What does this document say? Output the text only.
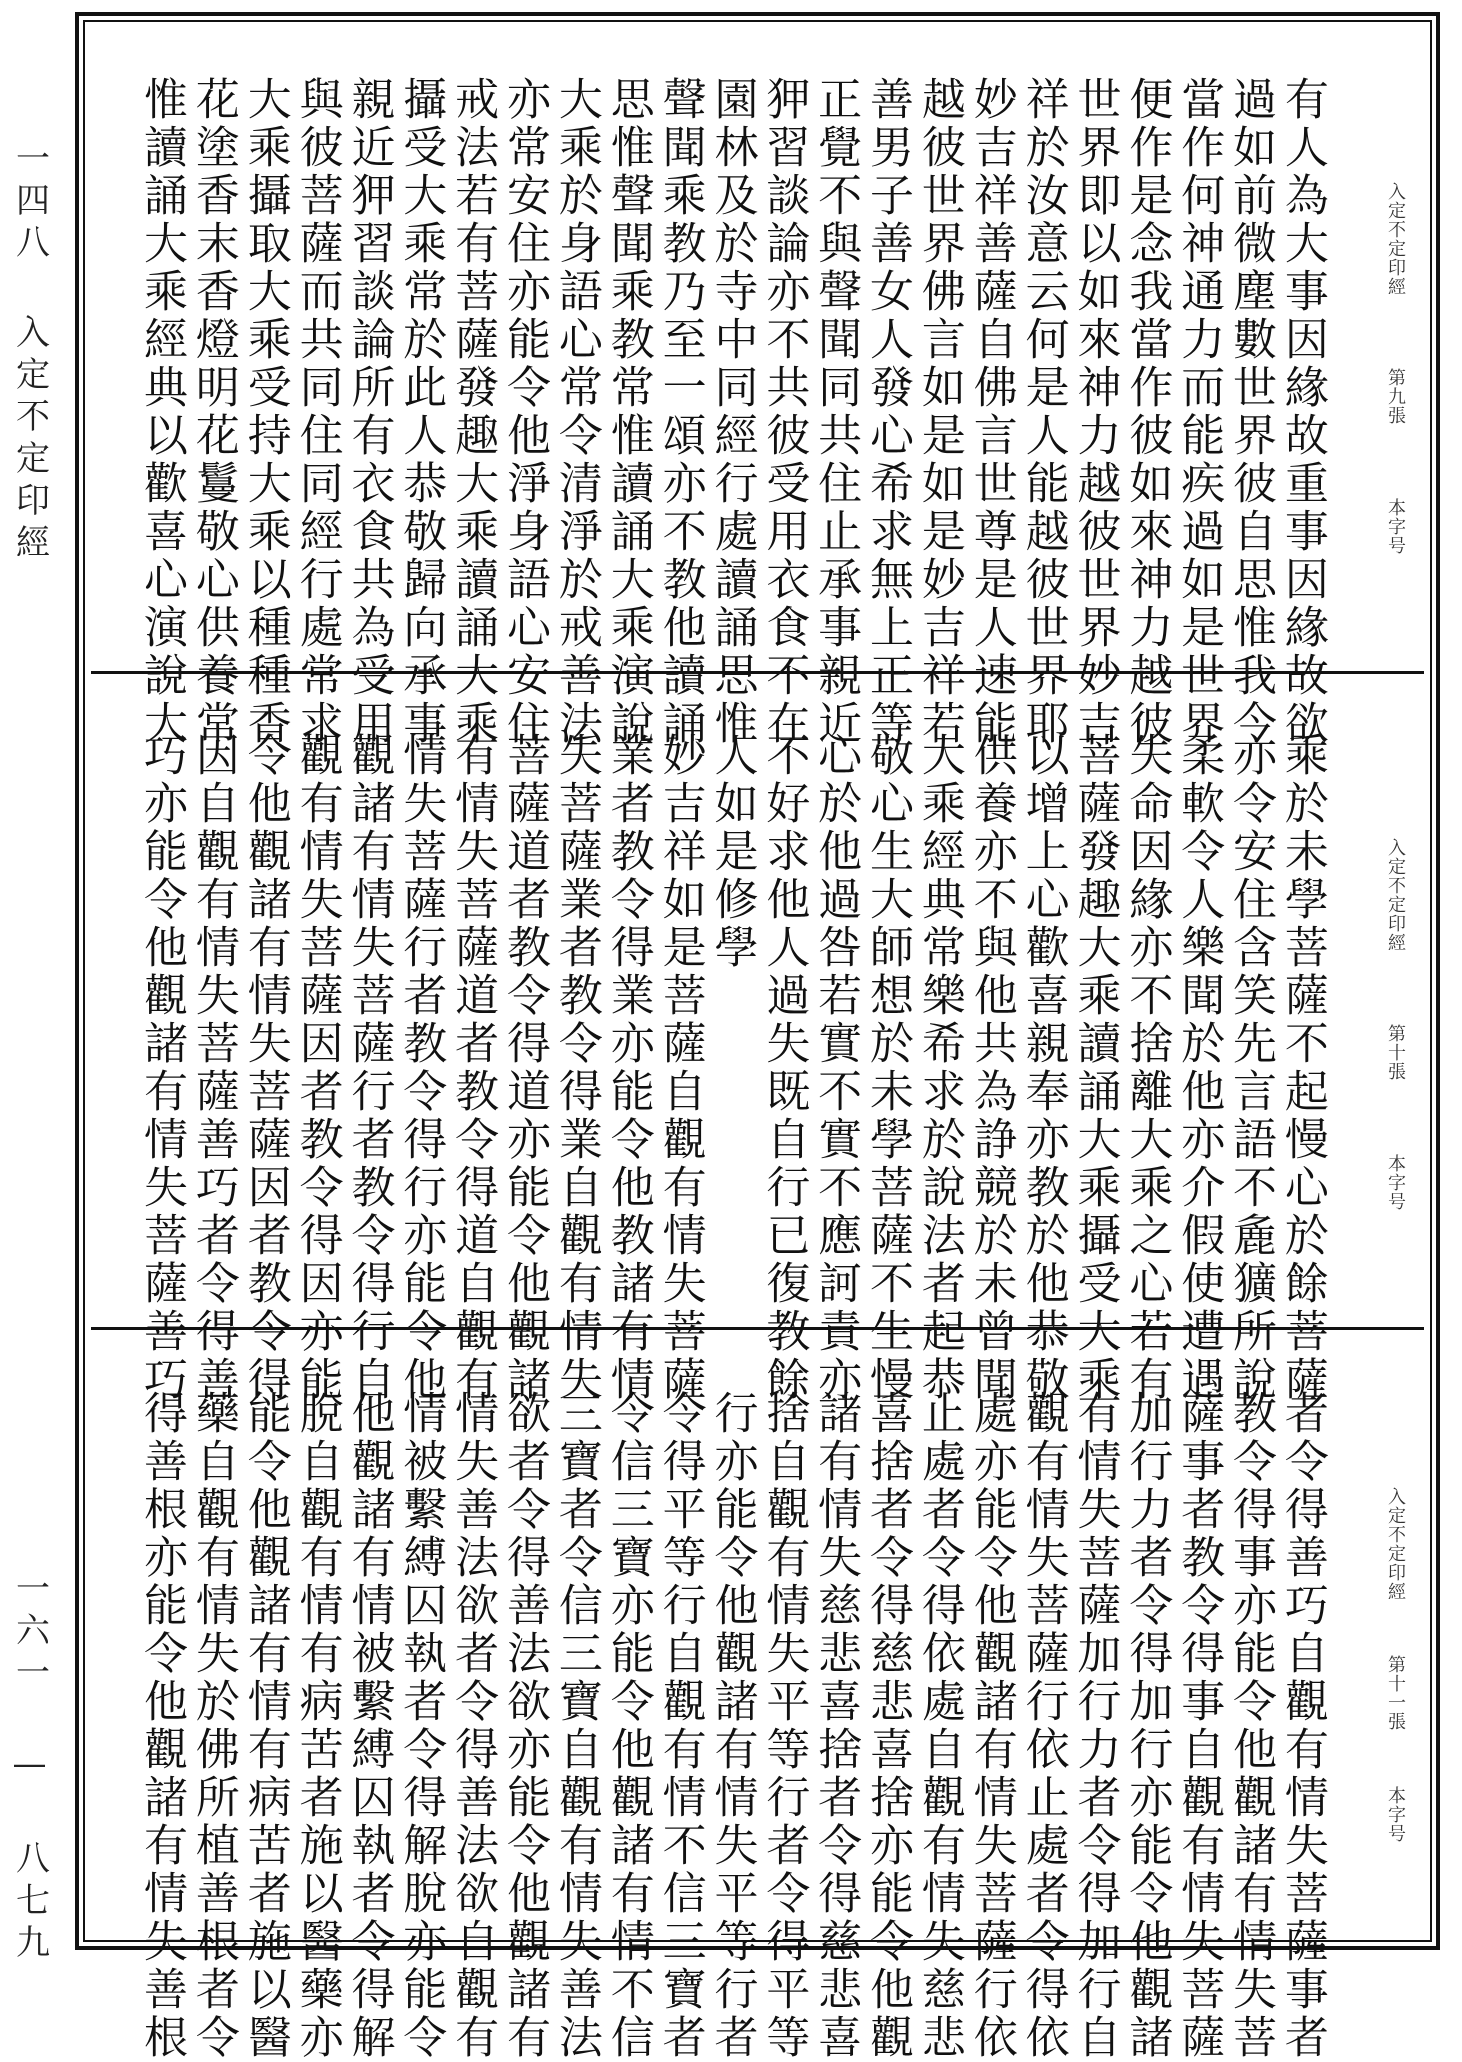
一四八 入定不定印經
一六一 — 八七九
有人為大事因緣故重事因緣故欲
過如前微塵數世界彼自思惟我今
當作何神通力而能疾過如是世界
便作是念我當作彼如來神力越彼
世界即以如來神力越彼世界妙吉
祥於汝意云何是人能越彼世界耶
妙吉祥善薩自佛言世尊是人速能
越彼世界佛言如是如是妙吉祥若
善男子善女人發心希求無上正等
正覺不與聲聞同共住止承事親近
狎習談論亦不共彼受用衣食不在
園林及於寺中同經行處讀誦思惟
聲聞乘教乃至一頌亦不教他讀誦
思惟聲聞乘教常惟讀誦大乘演說
大乘於身語心常令清淨於戒善法
亦常安住亦能令他淨身語心安住
戒法若有菩薩發趣大乘讀誦大乘
攝受大乘常於此人恭敬歸向承事
親近狎習談論所有衣食共為受用
與彼菩薩而共同住同經行處常求
大乘攝取大乘受持大乘以種種香
花塗香末香燈明花鬘敬心供養常
惟讀誦大乘經典以歡喜心演說大	入定不定印經
第九張
本字号
乘於未學菩薩不起慢心於餘菩薩
亦令安住含笑先言語不麁獷所說
柔軟令人樂聞於他亦介假使遭遇
失命因緣亦不捨離大乘之心若有
菩薩發趣大乘讀誦大乘攝受大乘
以增上心歡喜親奉亦教於他恭敬
供養亦不與他共為諍競於未曾聞
大乘經典常樂希求於說法者起恭
敬心生大師想於未學菩薩不生慢
心於他過咎若實不實不應訶責亦
不好求他人過失既自行已復教餘
人如是修學
妙吉祥如是菩薩自觀有情失菩薩
業者教令得業亦能令他教諸有情
失菩薩業者教令得業自觀有情失
菩薩道者教令得道亦能令他觀諸
有情失菩薩道者教令得道自觀有
情失菩薩行者教令得行亦能令他
觀諸有情失菩薩行者教令得行自
觀有情失菩薩因者教令得因亦能
令他觀諸有情失菩薩因者教令得
因自觀有情失菩薩善巧者令得善
巧亦能令他觀諸有情失菩薩善巧	入定不定印經
第十張
本字号
者令得善巧自觀有情失菩薩事者
教令得事亦能令他觀諸有情失菩
薩事者教令得事自觀有情失菩薩
加行力者令得加行亦能令他觀諸
有情失菩薩加行力者令得加行自
觀有情失菩薩行依止處者令得依
處亦能令他觀諸有情失菩薩行依
止處者令得依處自觀有情失慈悲
喜捨者令得慈悲喜捨亦能令他觀
諸有情失慈悲喜捨者令得慈悲喜
捨自觀有情失平等行者令得平等
行亦能令他觀諸有情失平等行者
令得平等行自觀有情不信三寶者
令信三寶亦能令他觀諸有情不信
三寶者令信三寶自觀有情失善法
欲者令得善法欲亦能令他觀諸有
情失善法欲者令得善法欲自觀有
情被繫縛囚執者令得解脫亦能令
他觀諸有情被繫縛囚執者令得解
脫自觀有情有病苦者施以醫藥亦
能令他觀諸有情有病苦者施以醫
藥自觀有情失於佛所植善根者令
得善根亦能令他觀諸有情失善根	入定不定印經
第十一張
本字号
